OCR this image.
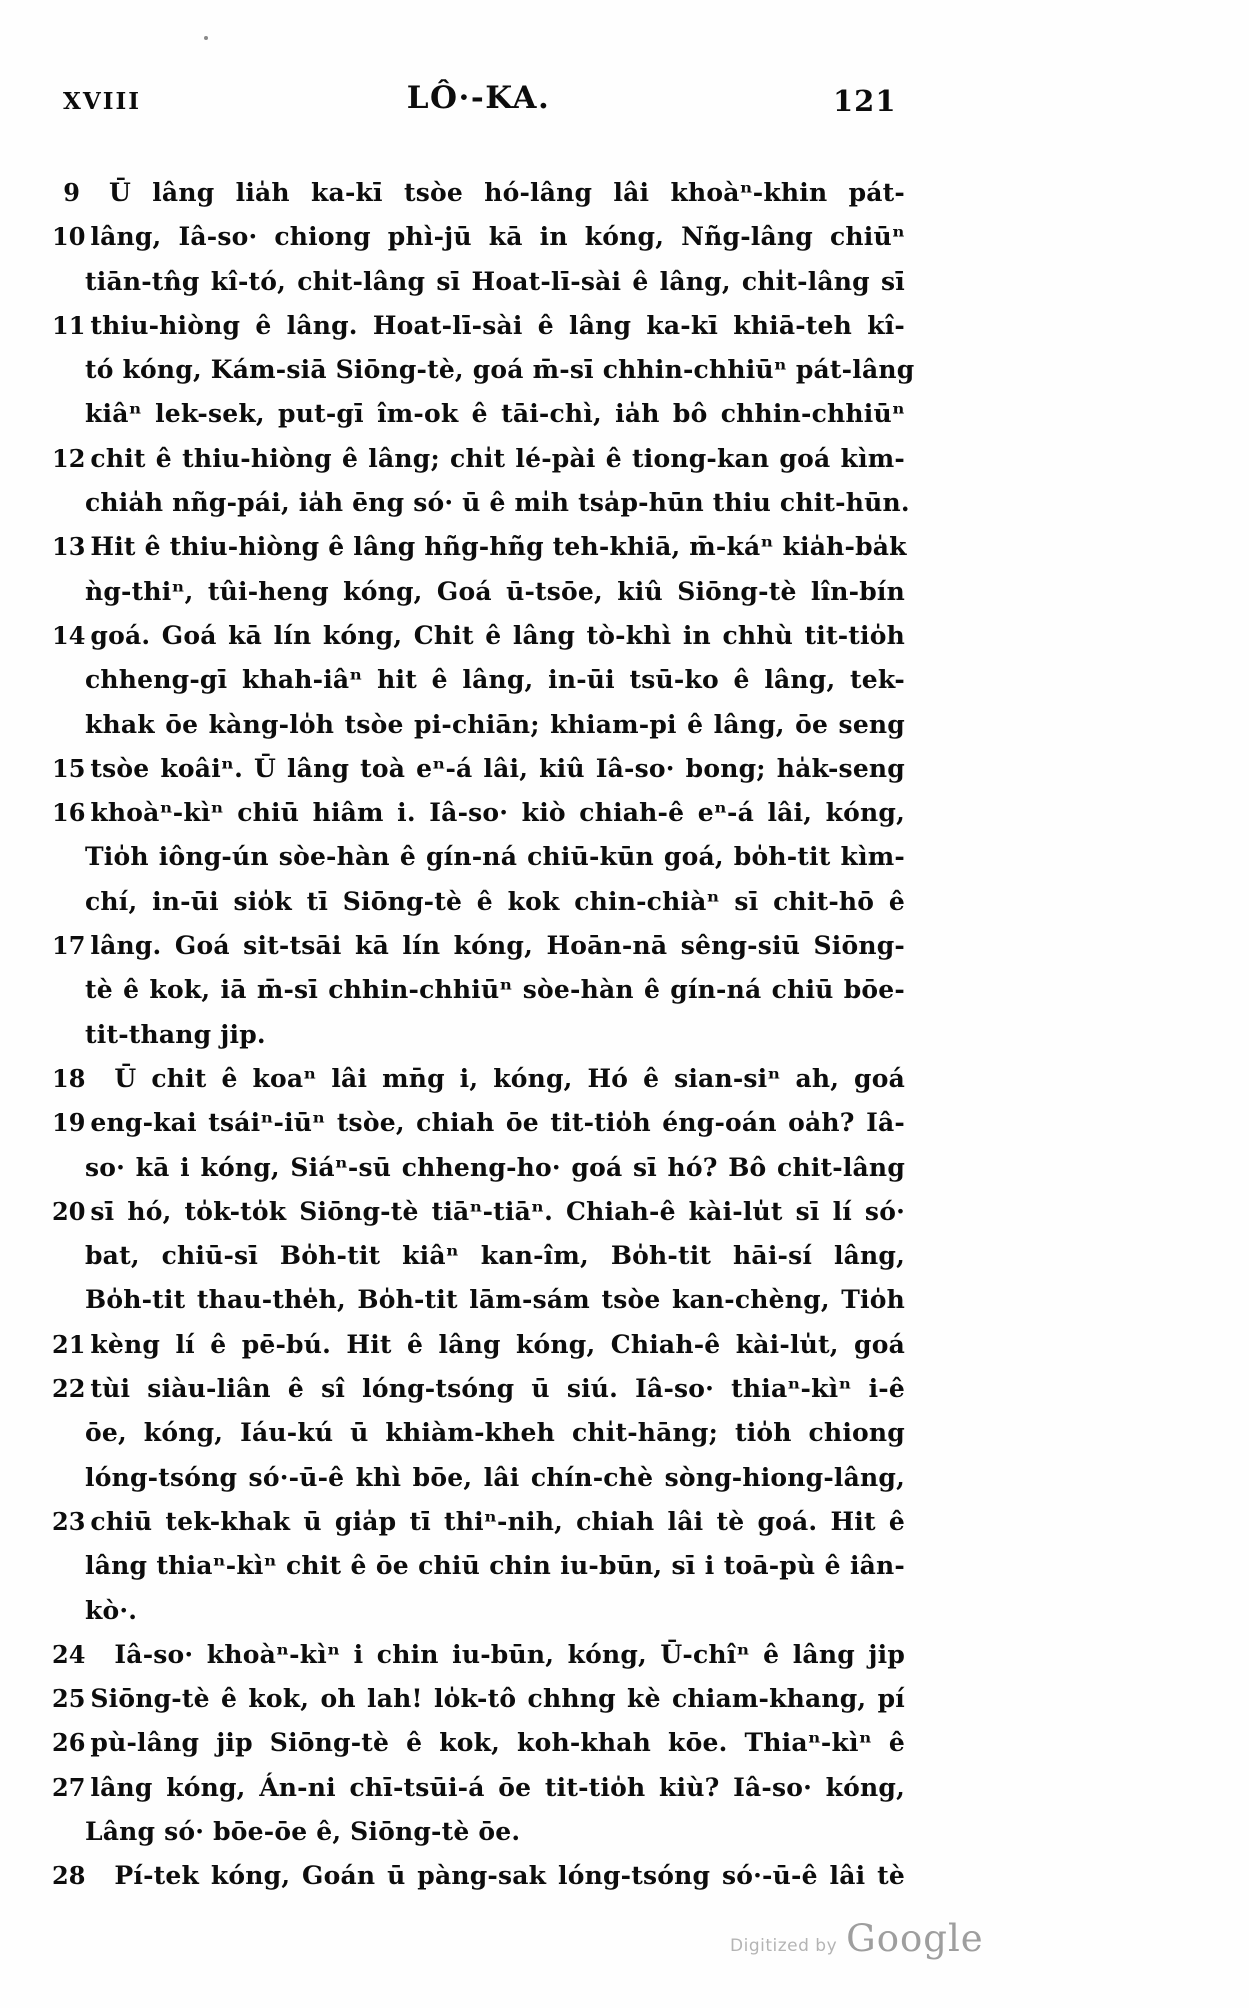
XVIII	LÔ·-KA.	121
9	Ū lâng lia̍h ka-kī tsòe hó-lâng lâi khoàⁿ-khin pát-
10 lâng, Iâ-so· chiong phì-jū kā in kóng, Nñg-lâng chiūⁿ
tiān-tn̂g kî-tó, chi̍t-lâng sī Hoat-lī-sài ê lâng, chi̍t-lâng sī
11 thiu-hiòng ê lâng. Hoat-lī-sài ê lâng ka-kī khiā-teh kî-
tó kóng, Kám-siā Siōng-tè, goá m̄-sī chhin-chhiūⁿ pát-lâng
kiâⁿ lek-sek, put-gī îm-ok ê tāi-chì, ia̍h bô chhin-chhiūⁿ
12 chit ê thiu-hiòng ê lâng; chi̍t lé-pài ê tiong-kan goá kìm-
chia̍h nñg-pái, ia̍h ēng só· ū ê mi̍h tsa̍p-hūn thiu chit-hūn.
13 Hit ê thiu-hiòng ê lâng hñg-hñg teh-khiā, m̄-káⁿ kia̍h-ba̍k
ǹg-thiⁿ, tûi-heng kóng, Goá ū-tsōe, kiû Siōng-tè lîn-bín
14 goá. Goá kā lín kóng, Chit ê lâng tò-khì in chhù tit-tio̍h
chheng-gī khah-iâⁿ hit ê lâng, in-ūi tsū-ko ê lâng, tek-
khak ōe kàng-lo̍h tsòe pi-chiān; khiam-pi ê lâng, ōe seng
15 tsòe koâiⁿ. Ū lâng toà eⁿ-á lâi, kiû Iâ-so· bong; ha̍k-seng
16 khoàⁿ-kìⁿ chiū hiâm i. Iâ-so· kiò chiah-ê eⁿ-á lâi, kóng,
Tio̍h iông-ún sòe-hàn ê gín-ná chiū-kūn goá, bo̍h-tit kìm-
chí, in-ūi sio̍k tī Siōng-tè ê kok chin-chiàⁿ sī chit-hō ê
17 lâng. Goá sit-tsāi kā lín kóng, Hoān-nā sêng-siū Siōng-
tè ê kok, iā m̄-sī chhin-chhiūⁿ sòe-hàn ê gín-ná chiū bōe-
tit-thang jip.
18	Ū chit ê koaⁿ lâi mn̄g i, kóng, Hó ê sian-siⁿ ah, goá
19 eng-kai tsáiⁿ-iūⁿ tsòe, chiah ōe tit-tio̍h éng-oán oa̍h? Iâ-
so· kā i kóng, Siáⁿ-sū chheng-ho· goá sī hó? Bô chit-lâng
20 sī hó, to̍k-to̍k Siōng-tè tiāⁿ-tiāⁿ. Chiah-ê kài-lu̍t sī lí só·
bat, chiū-sī Bo̍h-tit kiâⁿ kan-îm, Bo̍h-tit hāi-sí lâng,
Bo̍h-tit thau-the̍h, Bo̍h-tit lām-sám tsòe kan-chèng, Tio̍h
21 kèng lí ê pē-bú. Hit ê lâng kóng, Chiah-ê kài-lu̍t, goá
22 tùi siàu-liân ê sî lóng-tsóng ū siú. Iâ-so· thiaⁿ-kìⁿ i-ê
ōe, kóng, Iáu-kú ū khiàm-kheh chi̍t-hāng; tio̍h chiong
lóng-tsóng só·-ū-ê khì bōe, lâi chín-chè sòng-hiong-lâng,
23 chiū tek-khak ū gia̍p tī thiⁿ-nih, chiah lâi tè goá. Hit ê
lâng thiaⁿ-kìⁿ chit ê ōe chiū chin iu-būn, sī i toā-pù ê iân-
kò·.
24	Iâ-so· khoàⁿ-kìⁿ i chin iu-būn, kóng, Ū-chîⁿ ê lâng jip
25 Siōng-tè ê kok, oh lah! lo̍k-tô chhng kè chiam-khang, pí
26 pù-lâng jip Siōng-tè ê kok, koh-khah kōe. Thiaⁿ-kìⁿ ê
27 lâng kóng, Án-ni chī-tsūi-á ōe tit-tio̍h kiù? Iâ-so· kóng,
Lâng só· bōe-ōe ê, Siōng-tè ōe.
28	Pí-tek kóng, Goán ū pàng-sak lóng-tsóng só·-ū-ê lâi tè
Digitized by Google
